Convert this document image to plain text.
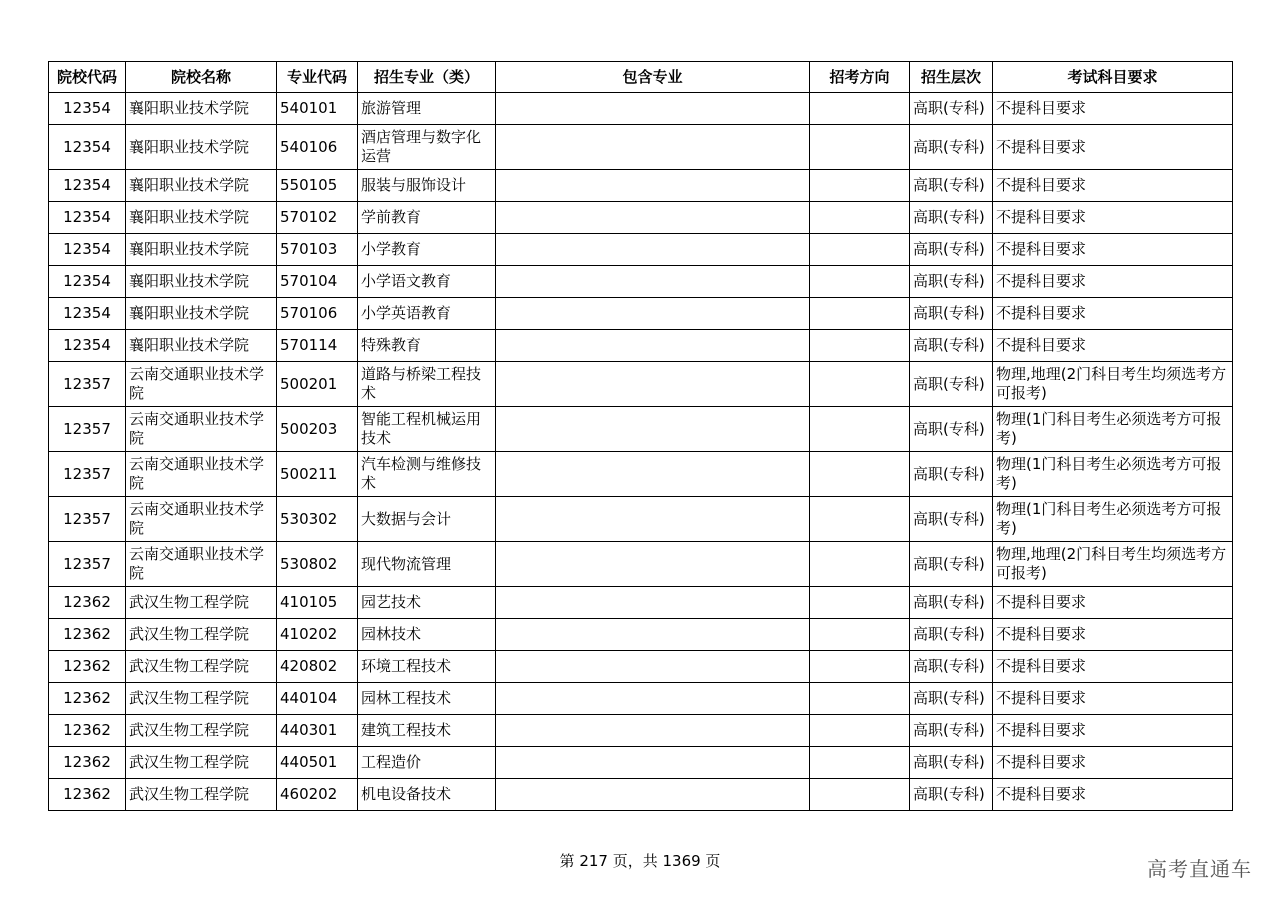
院校代码	院校名称	专业代码	招生专业（类）	包含专业	招考方向	招生层次	考试科目要求
12354	襄阳职业技术学院	540101	旅游管理			高职(专科)	不提科目要求
12354	襄阳职业技术学院	540106	酒店管理与数字化运营			高职(专科)	不提科目要求
12354	襄阳职业技术学院	550105	服装与服饰设计			高职(专科)	不提科目要求
12354	襄阳职业技术学院	570102	学前教育			高职(专科)	不提科目要求
12354	襄阳职业技术学院	570103	小学教育			高职(专科)	不提科目要求
12354	襄阳职业技术学院	570104	小学语文教育			高职(专科)	不提科目要求
12354	襄阳职业技术学院	570106	小学英语教育			高职(专科)	不提科目要求
12354	襄阳职业技术学院	570114	特殊教育			高职(专科)	不提科目要求
12357	云南交通职业技术学院	500201	道路与桥梁工程技术			高职(专科)	物理,地理(2门科目考生均须选考方可报考)
12357	云南交通职业技术学院	500203	智能工程机械运用技术			高职(专科)	物理(1门科目考生必须选考方可报考)
12357	云南交通职业技术学院	500211	汽车检测与维修技术			高职(专科)	物理(1门科目考生必须选考方可报考)
12357	云南交通职业技术学院	530302	大数据与会计			高职(专科)	物理(1门科目考生必须选考方可报考)
12357	云南交通职业技术学院	530802	现代物流管理			高职(专科)	物理,地理(2门科目考生均须选考方可报考)
12362	武汉生物工程学院	410105	园艺技术			高职(专科)	不提科目要求
12362	武汉生物工程学院	410202	园林技术			高职(专科)	不提科目要求
12362	武汉生物工程学院	420802	环境工程技术			高职(专科)	不提科目要求
12362	武汉生物工程学院	440104	园林工程技术			高职(专科)	不提科目要求
12362	武汉生物工程学院	440301	建筑工程技术			高职(专科)	不提科目要求
12362	武汉生物工程学院	440501	工程造价			高职(专科)	不提科目要求
12362	武汉生物工程学院	460202	机电设备技术			高职(专科)	不提科目要求
第 217 页，共 1369 页	高考直通车
